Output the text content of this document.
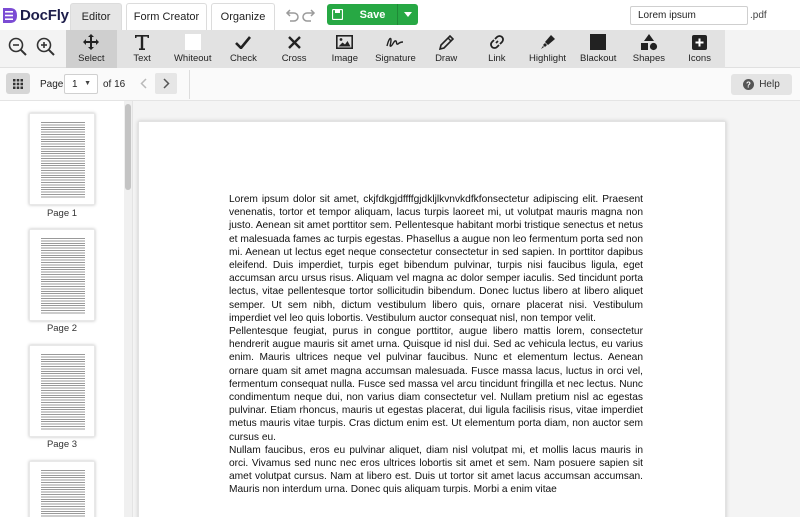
DocFly	Editor	Form Creator	Organize	Save
Lorem ipsum	.pdf
Select	Text Whiteout Check	Cross	Image Signature Draw	Link Highlight Blackout Shapes Icons
Page 1 ▼ of 16	? Help
Page 1
Page 2
Page 3

Lorem ipsum dolor sit amet, ckjfdkgjdffffgjdkljlkvnvkdfkfonsectetur adipiscing elit. Praesent venenatis, tortor et tempor aliquam, lacus turpis laoreet mi, ut volutpat mauris magna non justo. Aenean sit amet porttitor sem. Pellentesque habitant morbi tristique senectus et netus et malesuada fames ac turpis egestas. Phasellus a augue non leo fermentum porta sed non mi. Aenean ut lectus eget neque consectetur consectetur in sed sapien. In porttitor dapibus eleifend. Duis imperdiet, turpis eget bibendum pulvinar, turpis nisi faucibus ligula, eget accumsan arcu ursus risus. Aliquam vel magna ac dolor semper iaculis. Sed tincidunt porta lectus, vitae pellentesque tortor sollicitudin bibendum. Donec luctus libero at libero aliquet semper. Ut sem nibh, dictum vestibulum libero quis, ornare placerat nisi. Vestibulum imperdiet vel leo quis lobortis. Vestibulum auctor consequat nisl, non tempor velit.

Pellentesque feugiat, purus in congue porttitor, augue libero mattis lorem, consectetur hendrerit augue mauris sit amet urna. Quisque id nisl dui. Sed ac vehicula lectus, eu varius enim. Mauris ultrices neque vel pulvinar faucibus. Nunc et elementum lectus. Aenean ornare quam sit amet magna accumsan malesuada. Fusce massa lacus, luctus in orci vel, fermentum consequat nulla. Fusce sed massa vel arcu tincidunt fringilla et nec lectus. Nunc condimentum neque dui, non varius diam consectetur vel. Nullam pretium nisl ac egestas pulvinar. Etiam rhoncus, mauris ut egestas placerat, dui ligula facilisis risus, vitae imperdiet metus mauris vitae turpis. Cras dictum enim est. Ut elementum porta diam, non auctor sem cursus eu.

Nullam faucibus, eros eu pulvinar aliquet, diam nisl volutpat mi, et mollis lacus mauris in orci. Vivamus sed nunc nec eros ultrices lobortis sit amet et sem. Nam posuere sapien sit amet volutpat cursus. Nam at libero est. Duis ut tortor sit amet lacus accumsan accumsan. Mauris non interdum urna. Donec quis aliquam turpis. Morbi a enim vitae
